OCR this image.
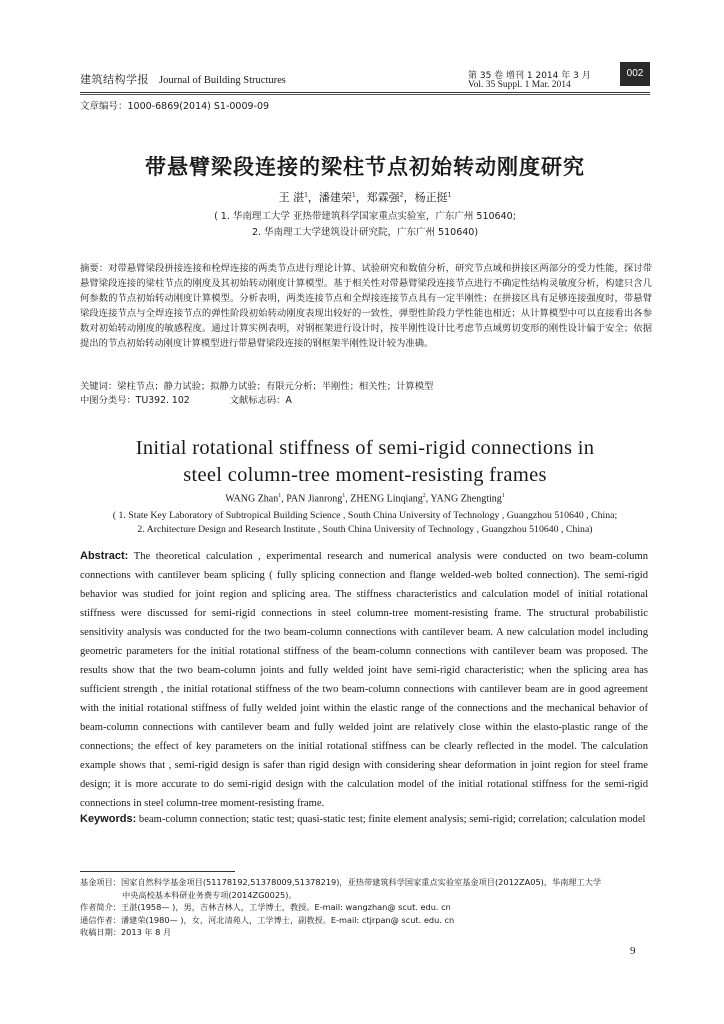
建筑结构学报 Journal of Building Structures	第 35 卷 增刊 1 2014 年 3 月
Vol. 35 Suppl. 1 Mar. 2014
002
文章编号：1000-6869(2014) S1-0009-09
带悬臂梁段连接的梁柱节点初始转动刚度研究
王 湛$^1$，潘建荣$^1$，郑霖强$^2$，杨正挺$^1$
( 1. 华南理工大学 亚热带建筑科学国家重点实验室，广东广州 510640;
2. 华南理工大学建筑设计研究院，广东广州 510640)
摘要：对带悬臂梁段拼接连接和栓焊连接的两类节点进行理论计算、试验研究和数值分析，研究节点域和拼接区两部分的受力性能，探讨带悬臂梁段连接的梁柱节点的刚度及其初始转动刚度计算模型。基于相关性对带悬臂梁段连接节点进行不确定性结构灵敏度分析，构建只含几何参数的节点初始转动刚度计算模型。分析表明，两类连接节点和全焊接连接节点具有一定半刚性；在拼接区具有足够连接强度时，带悬臂梁段连接节点与全焊连接节点的弹性阶段初始转动刚度表现出较好的一致性，弹塑性阶段力学性能也相近；从计算模型中可以直接看出各参数对初始转动刚度的敏感程度。通过计算实例表明，对钢框架进行设计时，按半刚性设计比考虑节点域剪切变形的刚性设计偏于安全；依据提出的节点初始转动刚度计算模型进行带悬臂梁段连接的钢框架半刚性设计较为准确。
关键词：梁柱节点；静力试验；拟静力试验；有限元分析；半刚性；相关性；计算模型
中图分类号：TU392. 102	文献标志码：A
Initial rotational stiffness of semi-rigid connections in
steel column-tree moment-resisting frames
WANG Zhan$^1$, PAN Jianrong$^1$, ZHENG Linqiang$^2$, YANG Zhengting$^1$
( 1. State Key Laboratory of Subtropical Building Science , South China University of Technology , Guangzhou 510640 , China;
2. Architecture Design and Research Institute , South China University of Technology , Guangzhou 510640 , China)
Abstract: The theoretical calculation , experimental research and numerical analysis were conducted on two beam-column connections with cantilever beam splicing ( fully splicing connection and flange welded-web bolted connection). The semi-rigid behavior was studied for joint region and splicing area. The stiffness characteristics and calculation model of initial rotational stiffness were discussed for semi-rigid connections in steel column-tree moment-resisting frame. The structural probabilistic sensitivity analysis was conducted for the two beam-column connections with cantilever beam. A new calculation model including geometric parameters for the initial rotational stiffness of the beam-column connections with cantilever beam was proposed. The results show that the two beam-column joints and fully welded joint have semi-rigid characteristic; when the splicing area has sufficient strength , the initial rotational stiffness of the two beam-column connections with cantilever beam are in good agreement with the initial rotational stiffness of fully welded joint within the elastic range of the connections and the mechanical behavior of beam-column connections with cantilever beam and fully welded joint are relatively close within the elasto-plastic range of the connections; the effect of key parameters on the initial rotational stiffness can be clearly reflected in the model. The calculation example shows that , semi-rigid design is safer than rigid design with considering shear deformation in joint region for steel frame design; it is more accurate to do semi-rigid design with the calculation model of the initial rotational stiffness for the semi-rigid connections in steel column-tree moment-resisting frame.
Keywords: beam-column connection; static test; quasi-static test; finite element analysis; semi-rigid; correlation; calculation model
基金项目：国家自然科学基金项目(51178192,51378009,51378219)，亚热带建筑科学国家重点实验室基金项目(2012ZA05)，华南理工大学
中央高校基本科研业务费专项(2014ZG0025)。
作者简介：王湛(1958— )，男，吉林吉林人，工学博士，教授。E-mail: wangzhan@ scut. edu. cn
通信作者：潘建荣(1980— )，女，河北清苑人，工学博士，副教授。E-mail: ctjrpan@ scut. edu. cn
收稿日期：2013 年 8 月
9
